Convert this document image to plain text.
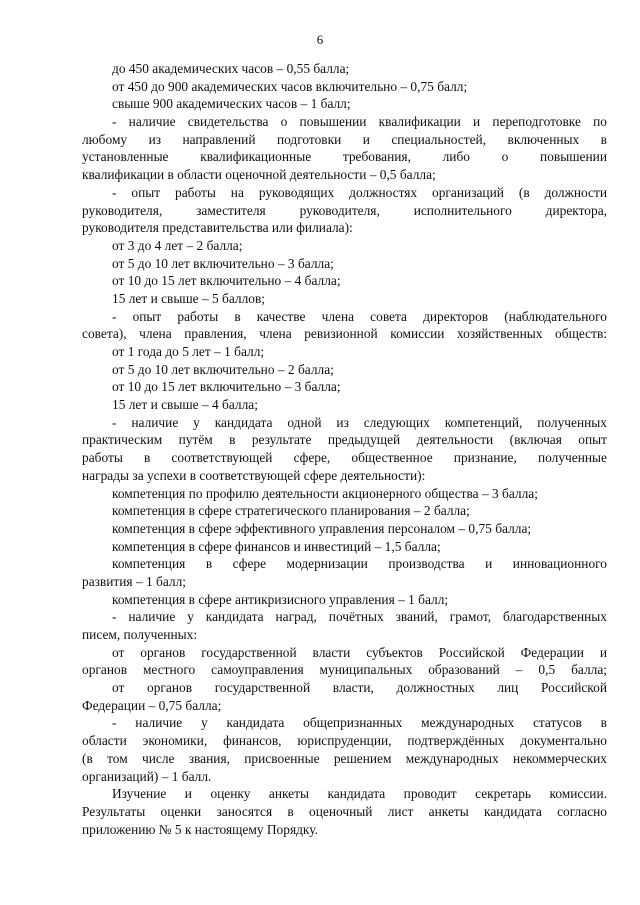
6
до 450 академических часов – 0,55 балла;
от 450 до 900 академических часов включительно – 0,75 балл;
свыше 900 академических часов – 1 балл;
- наличие свидетельства о повышении квалификации и переподготовке по
любому из направлений подготовки и специальностей, включенных в
установленные квалификационные требования, либо о повышении
квалификации в области оценочной деятельности – 0,5 балла;
- опыт работы на руководящих должностях организаций (в должности
руководителя, заместителя руководителя, исполнительного директора,
руководителя представительства или филиала):
от 3 до 4 лет – 2 балла;
от 5 до 10 лет включительно – 3 балла;
от 10 до 15 лет включительно – 4 балла;
15 лет и свыше – 5 баллов;
- опыт работы в качестве члена совета директоров (наблюдательного
совета), члена правления, члена ревизионной комиссии хозяйственных обществ:
от 1 года до 5 лет – 1 балл;
от 5 до 10 лет включительно – 2 балла;
от 10 до 15 лет включительно – 3 балла;
15 лет и свыше – 4 балла;
- наличие у кандидата одной из следующих компетенций, полученных
практическим путём в результате предыдущей деятельности (включая опыт
работы в соответствующей сфере, общественное признание, полученные
награды за успехи в соответствующей сфере деятельности):
компетенция по профилю деятельности акционерного общества – 3 балла;
компетенция в сфере стратегического планирования – 2 балла;
компетенция в сфере эффективного управления персоналом – 0,75 балла;
компетенция в сфере финансов и инвестиций – 1,5 балла;
компетенция в сфере модернизации производства и инновационного
развития – 1 балл;
компетенция в сфере антикризисного управления – 1 балл;
- наличие у кандидата наград, почётных званий, грамот, благодарственных
писем, полученных:
от органов государственной власти субъектов Российской Федерации и
органов местного самоуправления муниципальных образований – 0,5 балла;
от органов государственной власти, должностных лиц Российской
Федерации – 0,75 балла;
- наличие у кандидата общепризнанных международных статусов в
области экономики, финансов, юриспруденции, подтверждённых документально
(в том числе звания, присвоенные решением международных некоммерческих
организаций) – 1 балл.
Изучение и оценку анкеты кандидата проводит секретарь комиссии.
Результаты оценки заносятся в оценочный лист анкеты кандидата согласно
приложению № 5 к настоящему Порядку.
